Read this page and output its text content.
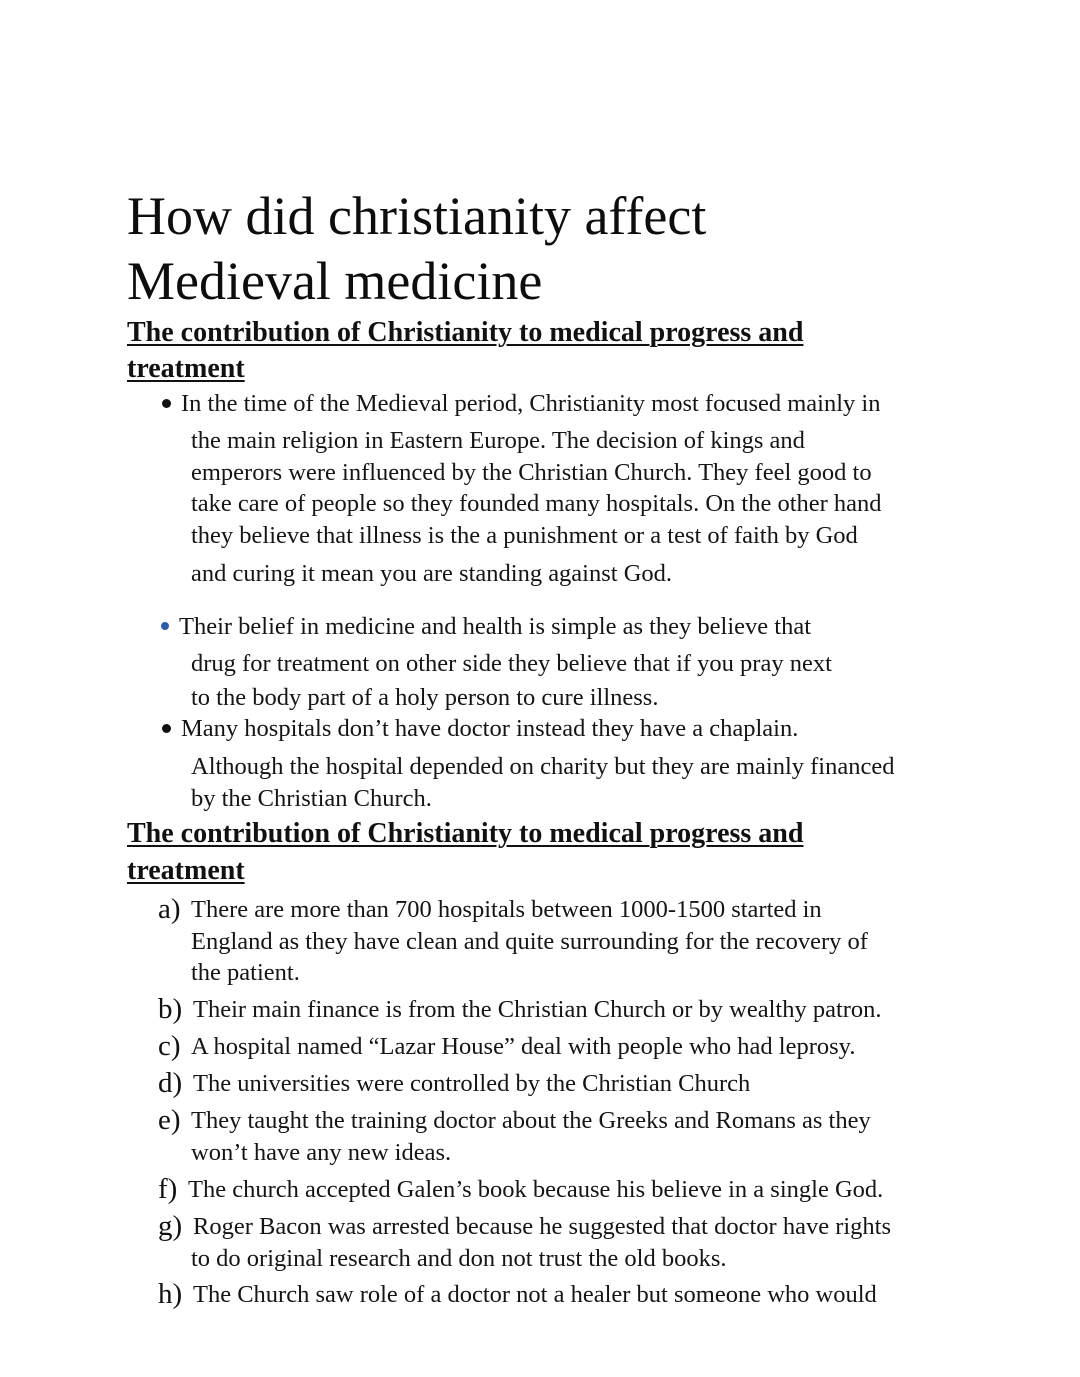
How did christianity affect
Medieval medicine
The contribution of Christianity to medical progress and
treatment
In the time of the Medieval period, Christianity most focused mainly in
the main religion in Eastern Europe. The decision of kings and
emperors were influenced by the Christian Church. They feel good to
take care of people so they founded many hospitals. On the other hand
they believe that illness is the a punishment or a test of faith by God
and curing it mean you are standing against God.
Their belief in medicine and health is simple as they believe that
drug for treatment on other side they believe that if you pray next
to the body part of a holy person to cure illness.
Many hospitals don’t have doctor instead they have a chaplain.
Although the hospital depended on charity but they are mainly financed
by the Christian Church.
The contribution of Christianity to medical progress and
treatment
a) There are more than 700 hospitals between 1000-1500 started in
England as they have clean and quite surrounding for the recovery of
the patient.
b) Their main finance is from the Christian Church or by wealthy patron.
c) A hospital named “Lazar House” deal with people who had leprosy.
d) The universities were controlled by the Christian Church
e) They taught the training doctor about the Greeks and Romans as they
won’t have any new ideas.
f) The church accepted Galen’s book because his believe in a single God.
g) Roger Bacon was arrested because he suggested that doctor have rights
to do original research and don not trust the old books.
h) The Church saw role of a doctor not a healer but someone who would
